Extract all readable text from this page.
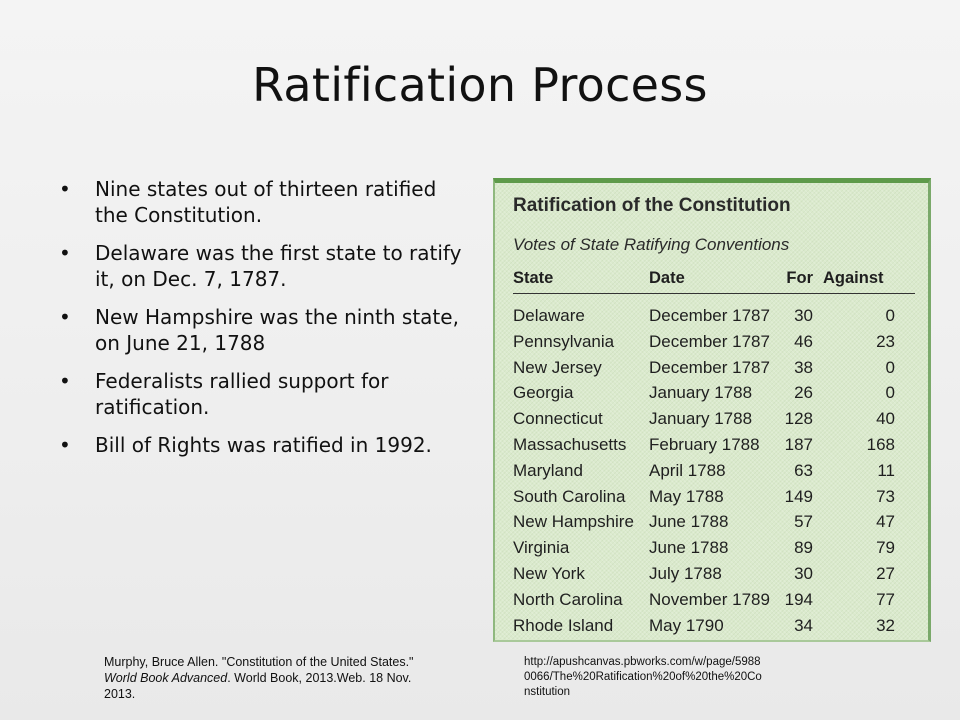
Ratification Process
• Nine states out of thirteen ratified the Constitution.
• Delaware was the first state to ratify it, on Dec. 7, 1787.
• New Hampshire was the ninth state, on June 21, 1788
• Federalists rallied support for ratification.
• Bill of Rights was ratified in 1992.
Ratification of the Constitution
Votes of State Ratifying Conventions
State	Date	For Against
Delaware	December 1787	30	0
Pennsylvania December 1787	46	23
New Jersey	December 1787	38	0
Georgia	January 1788	26	0
Connecticut	January 1788	128	40
Massachusetts February 1788	187	168
Maryland	April 1788	63	11
South Carolina May 1788	149	73
New Hampshire June 1788	57	47
Virginia	June 1788	89	79
New York	July 1788	30	27
North Carolina November 1789 194	77
Rhode Island May 1790	34	32
Murphy, Bruce Allen. "Constitution of the United States." World Book Advanced. World Book, 2013.Web. 18 Nov. 2013.
http://apushcanvas.pbworks.com/w/page/59880066/The%20Ratification%20of%20the%20Constitution
